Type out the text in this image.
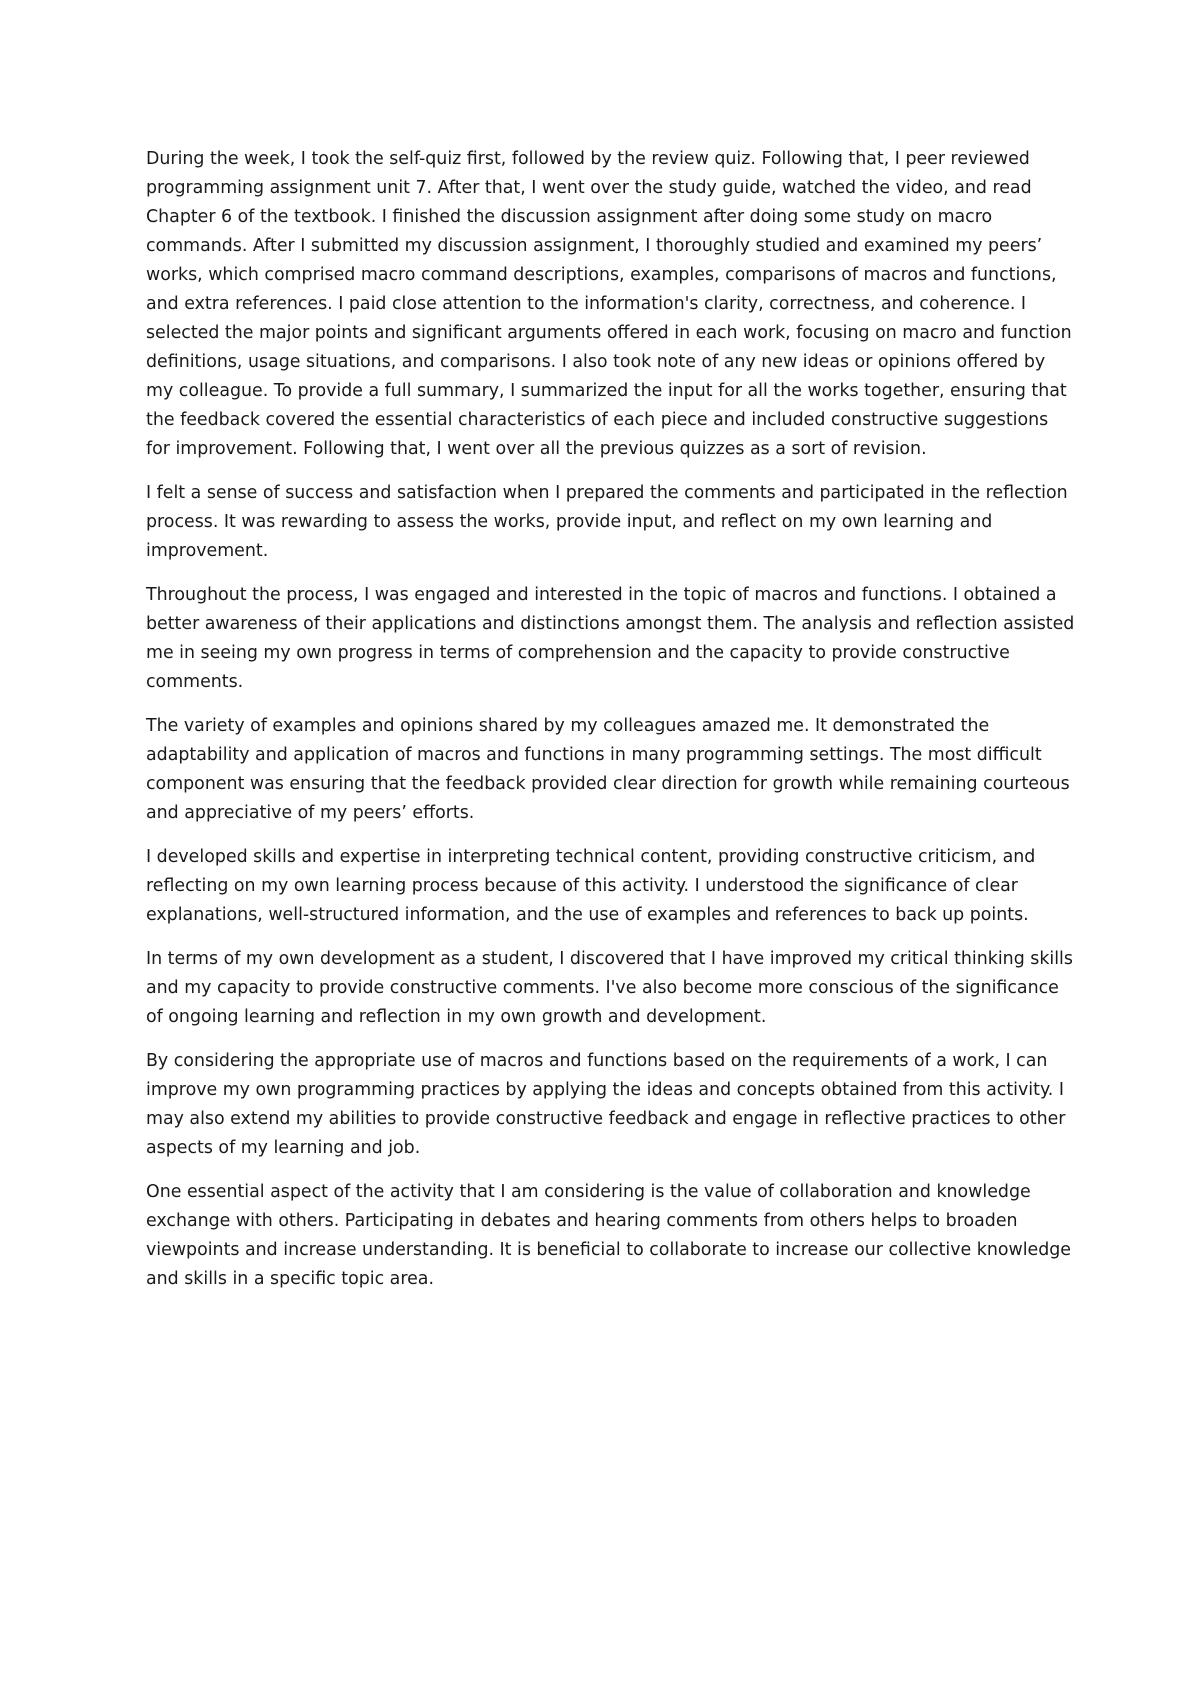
During the week, I took the self-quiz first, followed by the review quiz. Following that, I peer reviewed programming assignment unit 7. After that, I went over the study guide, watched the video, and read Chapter 6 of the textbook. I finished the discussion assignment after doing some study on macro commands. After I submitted my discussion assignment, I thoroughly studied and examined my peers’ works, which comprised macro command descriptions, examples, comparisons of macros and functions, and extra references. I paid close attention to the information's clarity, correctness, and coherence. I selected the major points and significant arguments offered in each work, focusing on macro and function definitions, usage situations, and comparisons. I also took note of any new ideas or opinions offered by my colleague. To provide a full summary, I summarized the input for all the works together, ensuring that the feedback covered the essential characteristics of each piece and included constructive suggestions for improvement. Following that, I went over all the previous quizzes as a sort of revision.

I felt a sense of success and satisfaction when I prepared the comments and participated in the reflection process. It was rewarding to assess the works, provide input, and reflect on my own learning and improvement.

Throughout the process, I was engaged and interested in the topic of macros and functions. I obtained a better awareness of their applications and distinctions amongst them. The analysis and reflection assisted me in seeing my own progress in terms of comprehension and the capacity to provide constructive comments.

The variety of examples and opinions shared by my colleagues amazed me. It demonstrated the adaptability and application of macros and functions in many programming settings. The most difficult component was ensuring that the feedback provided clear direction for growth while remaining courteous and appreciative of my peers’ efforts.

I developed skills and expertise in interpreting technical content, providing constructive criticism, and reflecting on my own learning process because of this activity. I understood the significance of clear explanations, well-structured information, and the use of examples and references to back up points.

In terms of my own development as a student, I discovered that I have improved my critical thinking skills and my capacity to provide constructive comments. I've also become more conscious of the significance of ongoing learning and reflection in my own growth and development.

By considering the appropriate use of macros and functions based on the requirements of a work, I can improve my own programming practices by applying the ideas and concepts obtained from this activity. I may also extend my abilities to provide constructive feedback and engage in reflective practices to other aspects of my learning and job.

One essential aspect of the activity that I am considering is the value of collaboration and knowledge exchange with others. Participating in debates and hearing comments from others helps to broaden viewpoints and increase understanding. It is beneficial to collaborate to increase our collective knowledge and skills in a specific topic area.
